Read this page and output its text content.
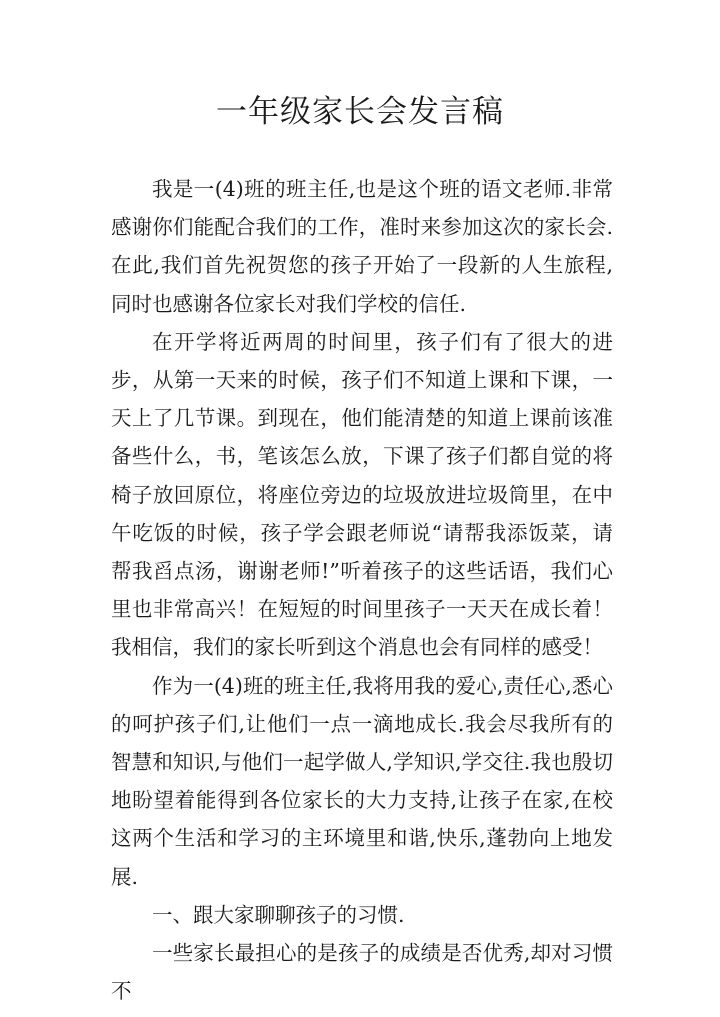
一年级家长会发言稿

我是一(4)班的班主任,也是这个班的语文老师.非常感谢你们能配合我们的工作，准时来参加这次的家长会.在此,我们首先祝贺您的孩子开始了一段新的人生旅程,同时也感谢各位家长对我们学校的信任.

在开学将近两周的时间里，孩子们有了很大的进步，从第一天来的时候，孩子们不知道上课和下课，一天上了几节课。到现在，他们能清楚的知道上课前该准备些什么，书，笔该怎么放，下课了孩子们都自觉的将椅子放回原位，将座位旁边的垃圾放进垃圾筒里，在中午吃饭的时候，孩子学会跟老师说“请帮我添饭菜，请帮我舀点汤，谢谢老师!”听着孩子的这些话语，我们心里也非常高兴！在短短的时间里孩子一天天在成长着！我相信，我们的家长听到这个消息也会有同样的感受！

作为一(4)班的班主任,我将用我的爱心,责任心,悉心的呵护孩子们,让他们一点一滴地成长.我会尽我所有的智慧和知识,与他们一起学做人,学知识,学交往.我也殷切地盼望着能得到各位家长的大力支持,让孩子在家,在校这两个生活和学习的主环境里和谐,快乐,蓬勃向上地发展.

一、跟大家聊聊孩子的习惯.

一些家长最担心的是孩子的成绩是否优秀,却对习惯不
